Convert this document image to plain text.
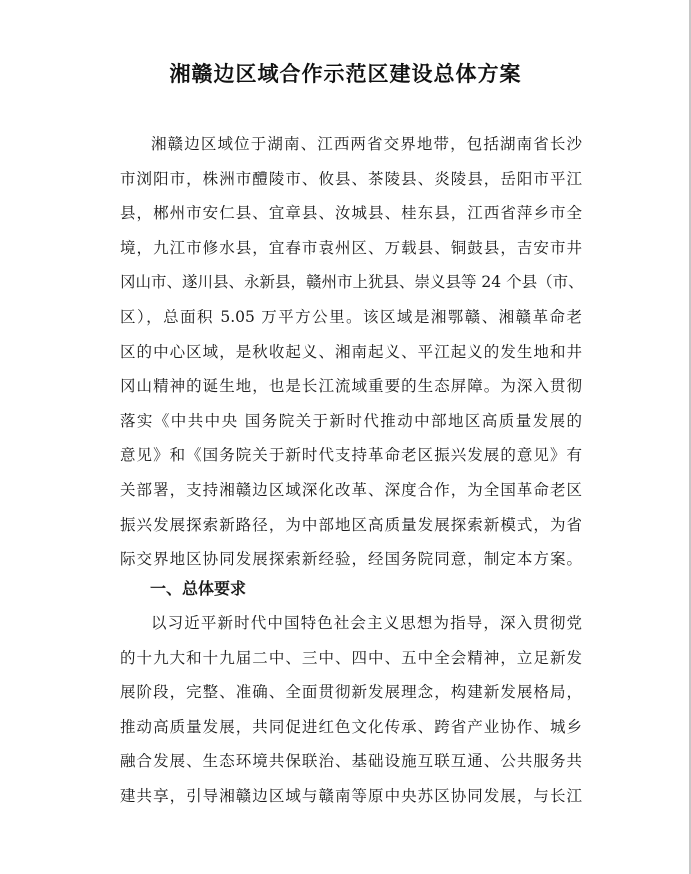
湘赣边区域合作示范区建设总体方案
湘赣边区域位于湖南、江西两省交界地带，包括湖南省长沙
市浏阳市，株洲市醴陵市、攸县、茶陵县、炎陵县，岳阳市平江
县，郴州市安仁县、宜章县、汝城县、桂东县，江西省萍乡市全
境，九江市修水县，宜春市袁州区、万载县、铜鼓县，吉安市井
冈山市、遂川县、永新县，赣州市上犹县、崇义县等 24 个县（市、
区），总面积 5.05 万平方公里。该区域是湘鄂赣、湘赣革命老
区的中心区域，是秋收起义、湘南起义、平江起义的发生地和井
冈山精神的诞生地，也是长江流域重要的生态屏障。为深入贯彻
落实《中共中央 国务院关于新时代推动中部地区高质量发展的
意见》和《国务院关于新时代支持革命老区振兴发展的意见》有
关部署，支持湘赣边区域深化改革、深度合作，为全国革命老区
振兴发展探索新路径，为中部地区高质量发展探索新模式，为省
际交界地区协同发展探索新经验，经国务院同意，制定本方案。
一、总体要求
以习近平新时代中国特色社会主义思想为指导，深入贯彻党
的十九大和十九届二中、三中、四中、五中全会精神，立足新发
展阶段，完整、准确、全面贯彻新发展理念，构建新发展格局，
推动高质量发展，共同促进红色文化传承、跨省产业协作、城乡
融合发展、生态环境共保联治、基础设施互联互通、公共服务共
建共享，引导湘赣边区域与赣南等原中央苏区协同发展，与长江
